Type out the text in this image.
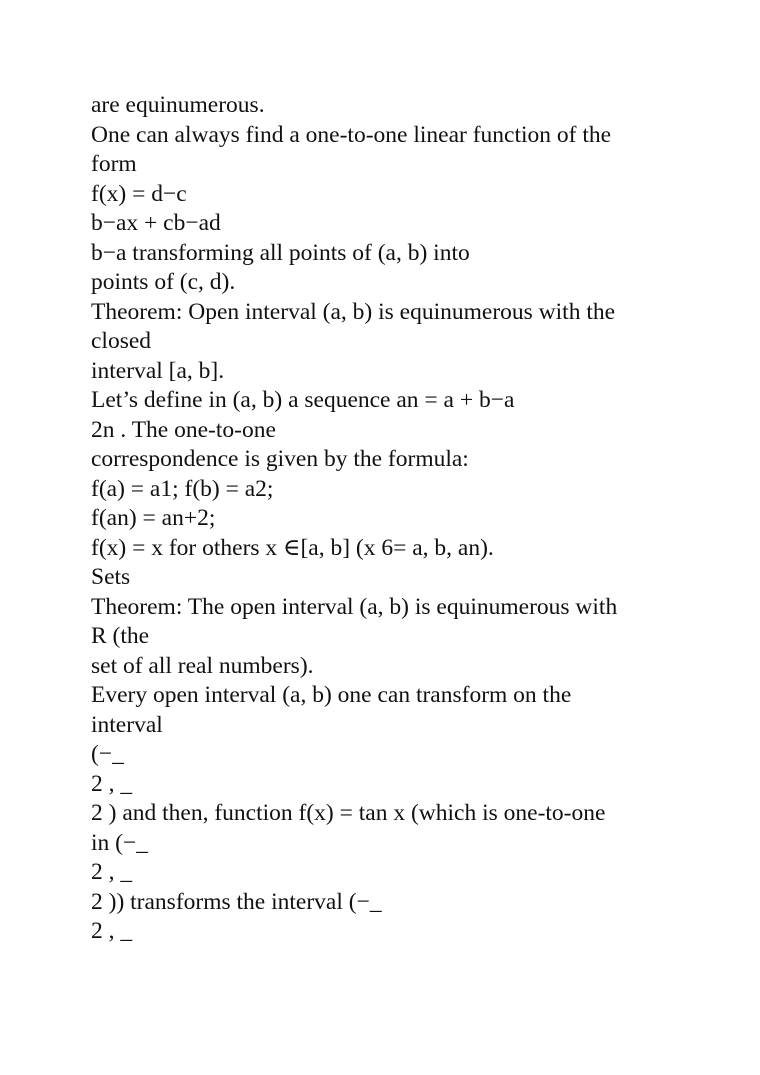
are equinumerous.
One can always find a one-to-one linear function of the
form
f(x) = d−c
b−ax + cb−ad
b−a transforming all points of (a, b) into
points of (c, d).
Theorem: Open interval (a, b) is equinumerous with the
closed
interval [a, b].
Let’s define in (a, b) a sequence an = a + b−a
2n . The one-to-one
correspondence is given by the formula:
f(a) = a1; f(b) = a2;
f(an) = an+2;
f(x) = x for others x ∈[a, b] (x 6= a, b, an).
Sets
Theorem: The open interval (a, b) is equinumerous with
R (the
set of all real numbers).
Every open interval (a, b) one can transform on the
interval
(−_
2 , _
2 ) and then, function f(x) = tan x (which is one-to-one
in (−_
2 , _
2 )) transforms the interval (−_
2 , _
